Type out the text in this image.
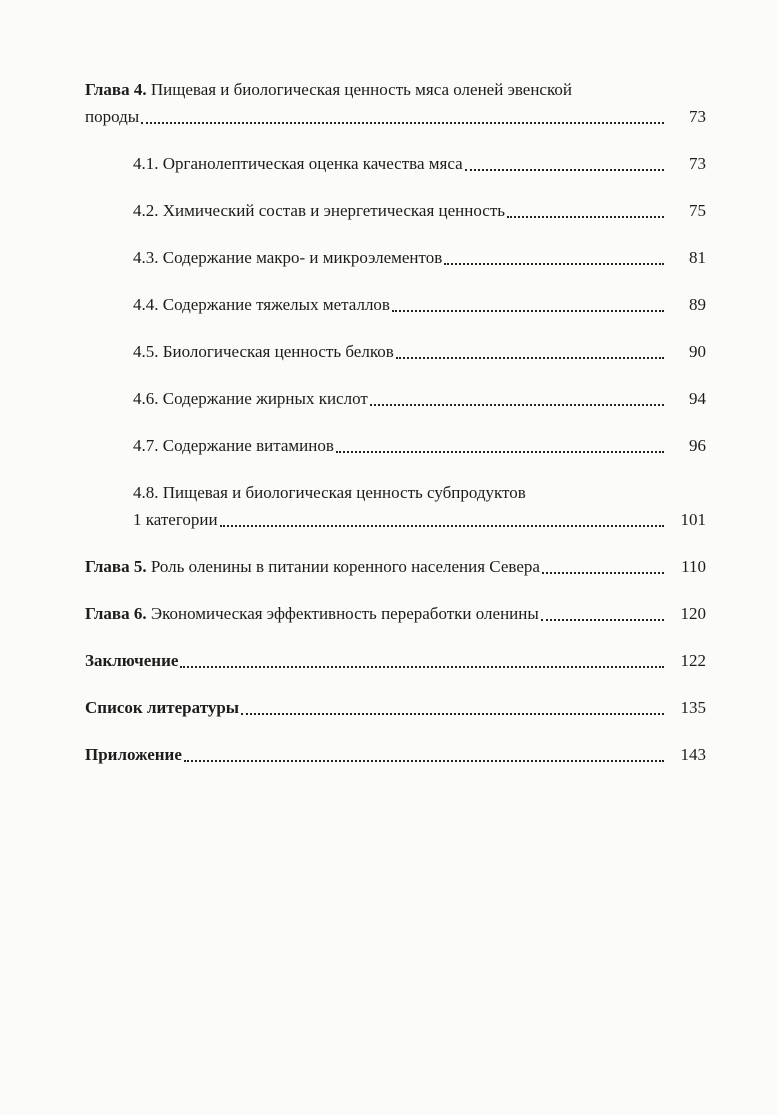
Глава 4. Пищевая и биологическая ценность мяса оленей эвенской
породы	73
4.1. Органолептическая оценка качества мяса	73
4.2. Химический состав и энергетическая ценность	75
4.3. Содержание макро- и микроэлементов	81
4.4. Содержание тяжелых металлов	89
4.5. Биологическая ценность белков	90
4.6. Содержание жирных кислот	94
4.7. Содержание витаминов	96
4.8. Пищевая и биологическая ценность субпродуктов
1 категории	101
Глава 5. Роль оленины в питании коренного населения Севера	110
Глава 6. Экономическая эффективность переработки оленины	120
Заключение	122
Список литературы	135
Приложение	143
